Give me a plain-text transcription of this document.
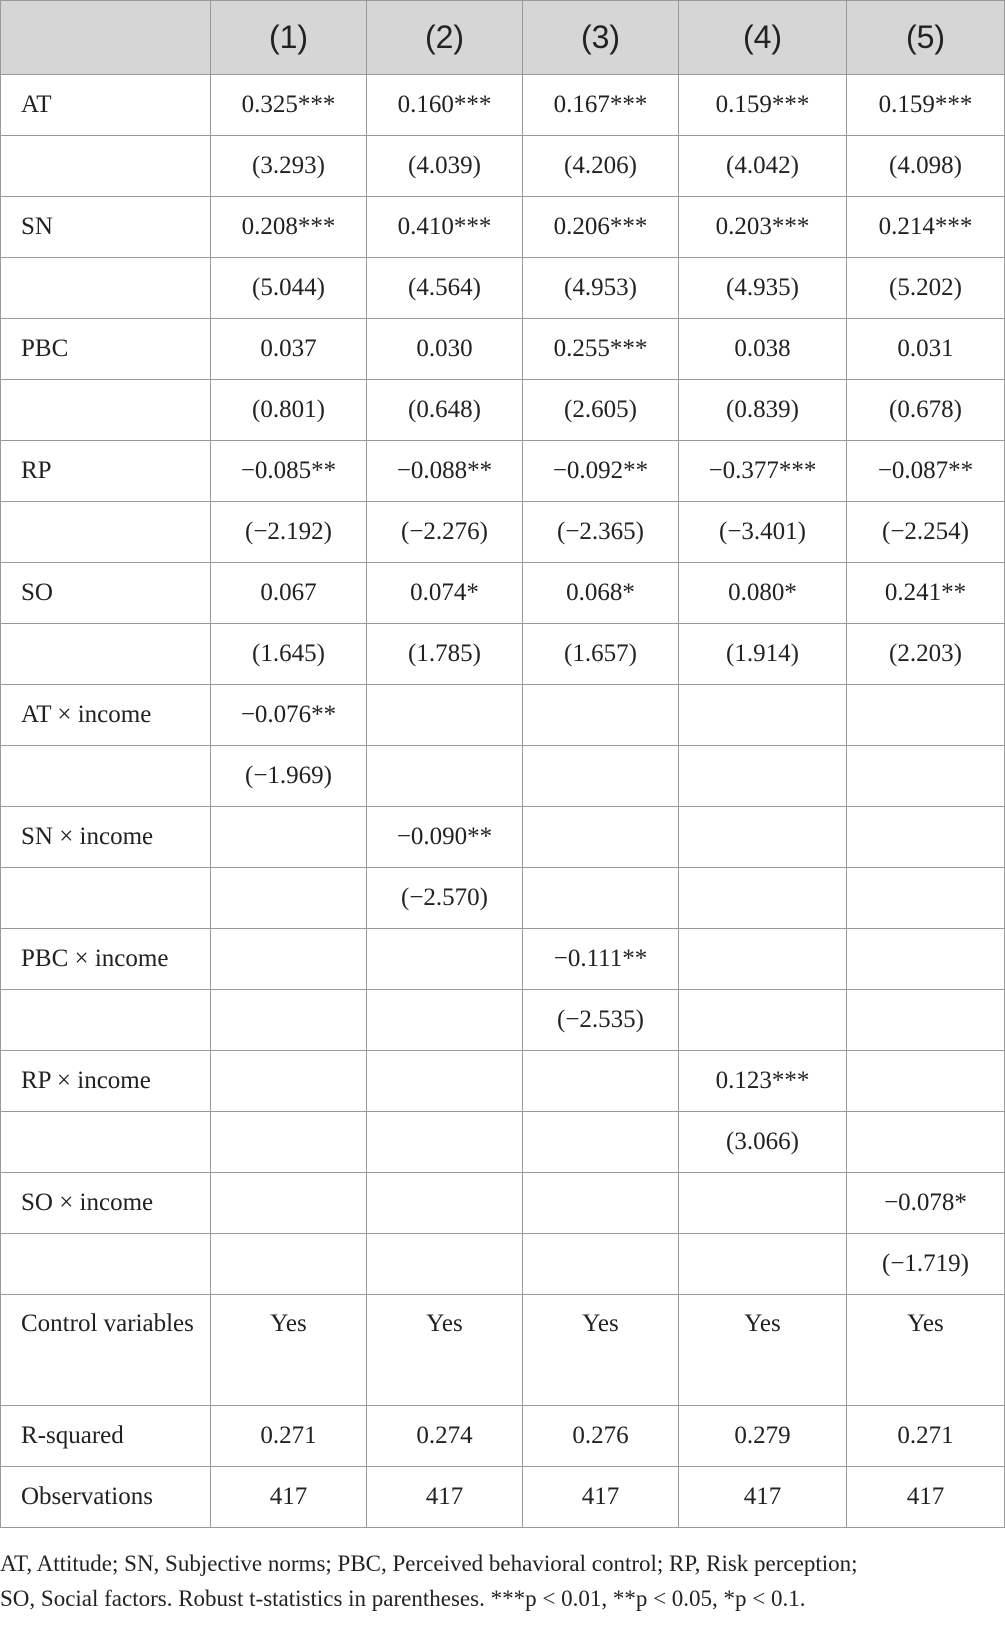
	(1)	(2)	(3)	(4)	(5)
AT	0.325***	0.160***	0.167***	0.159***	0.159***
	(3.293)	(4.039)	(4.206)	(4.042)	(4.098)
SN	0.208***	0.410***	0.206***	0.203***	0.214***
	(5.044)	(4.564)	(4.953)	(4.935)	(5.202)
PBC	0.037	0.030	0.255***	0.038	0.031
	(0.801)	(0.648)	(2.605)	(0.839)	(0.678)
RP	−0.085**	−0.088**	−0.092**	−0.377***	−0.087**
	(−2.192)	(−2.276)	(−2.365)	(−3.401)	(−2.254)
SO	0.067	0.074*	0.068*	0.080*	0.241**
	(1.645)	(1.785)	(1.657)	(1.914)	(2.203)
AT × income	−0.076**				
	(−1.969)				
SN × income		−0.090**			
		(−2.570)			
PBC × income			−0.111**		
			(−2.535)		
RP × income				0.123***	
				(3.066)	
SO × income					−0.078*
					(−1.719)
Control variables	Yes	Yes	Yes	Yes	Yes

R-squared	0.271	0.274	0.276	0.279	0.271
Observations	417	417	417	417	417
AT, Attitude; SN, Subjective norms; PBC, Perceived behavioral control; RP, Risk perception;
SO, Social factors. Robust t-statistics in parentheses. ***p < 0.01, **p < 0.05, *p < 0.1.
